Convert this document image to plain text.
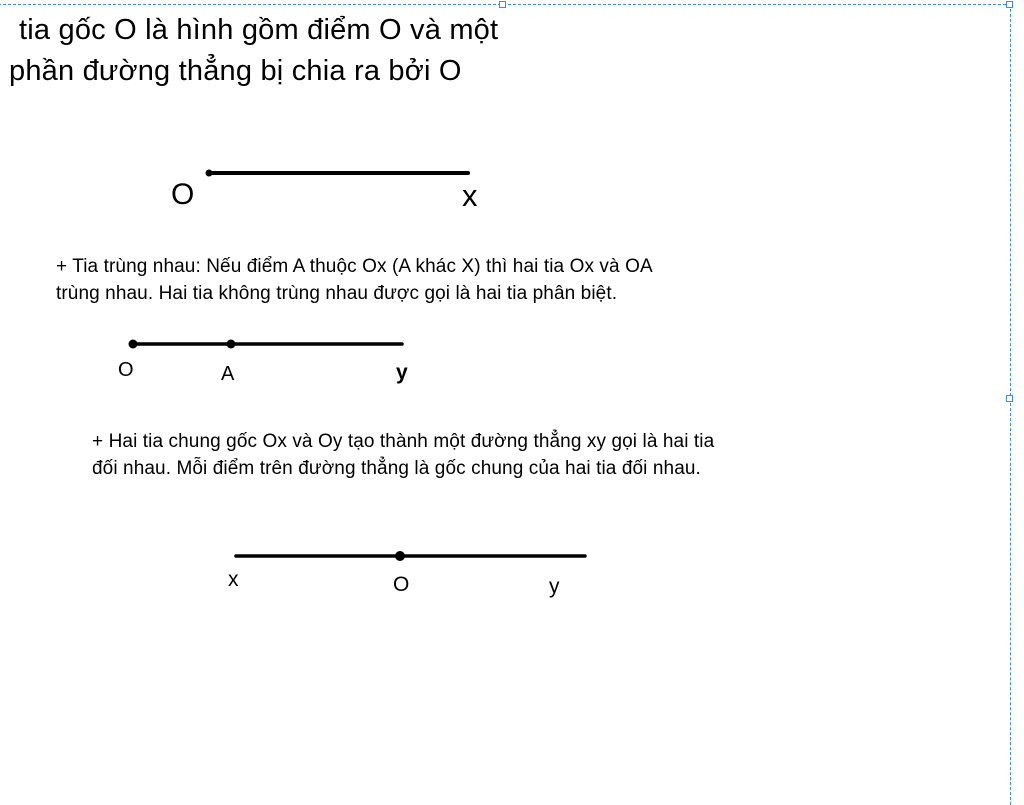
tia gốc O là hình gồm điểm O và một

phần đường thẳng bị chia ra bởi O

O	x

+ Tia trùng nhau: Nếu điểm A thuộc Ox (A khác X) thì hai tia Ox và OA

trùng nhau. Hai tia không trùng nhau được gọi là hai tia phân biệt.

O	A	y

+ Hai tia chung gốc Ox và Oy tạo thành một đường thẳng xy gọi là hai tia

đối nhau. Mỗi điểm trên đường thẳng là gốc chung của hai tia đối nhau.

x	O	y
